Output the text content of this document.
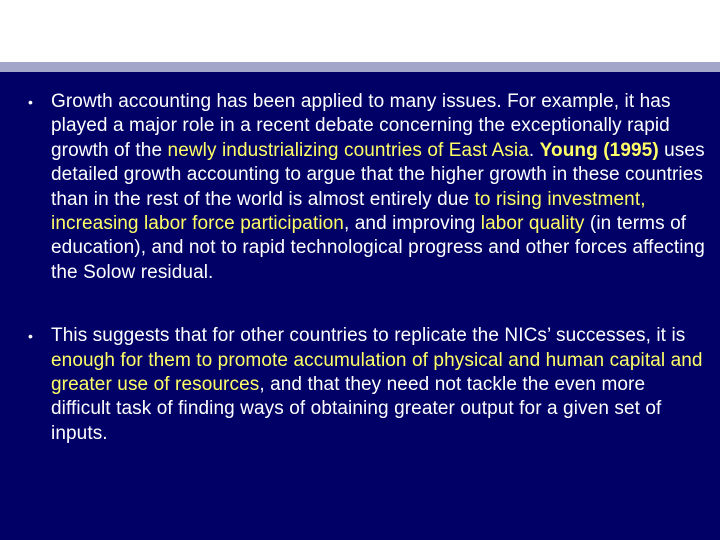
• Growth accounting has been applied to many issues. For example, it has played a major role in a recent debate concerning the exceptionally rapid growth of the newly industrializing countries of East Asia. Young (1995) uses detailed growth accounting to argue that the higher growth in these countries than in the rest of the world is almost entirely due to rising investment, increasing labor force participation, and improving labor quality (in terms of education), and not to rapid technological progress and other forces affecting the Solow residual.
• This suggests that for other countries to replicate the NICs’ successes, it is enough for them to promote accumulation of physical and human capital and greater use of resources, and that they need not tackle the even more difficult task of finding ways of obtaining greater output for a given set of inputs.
